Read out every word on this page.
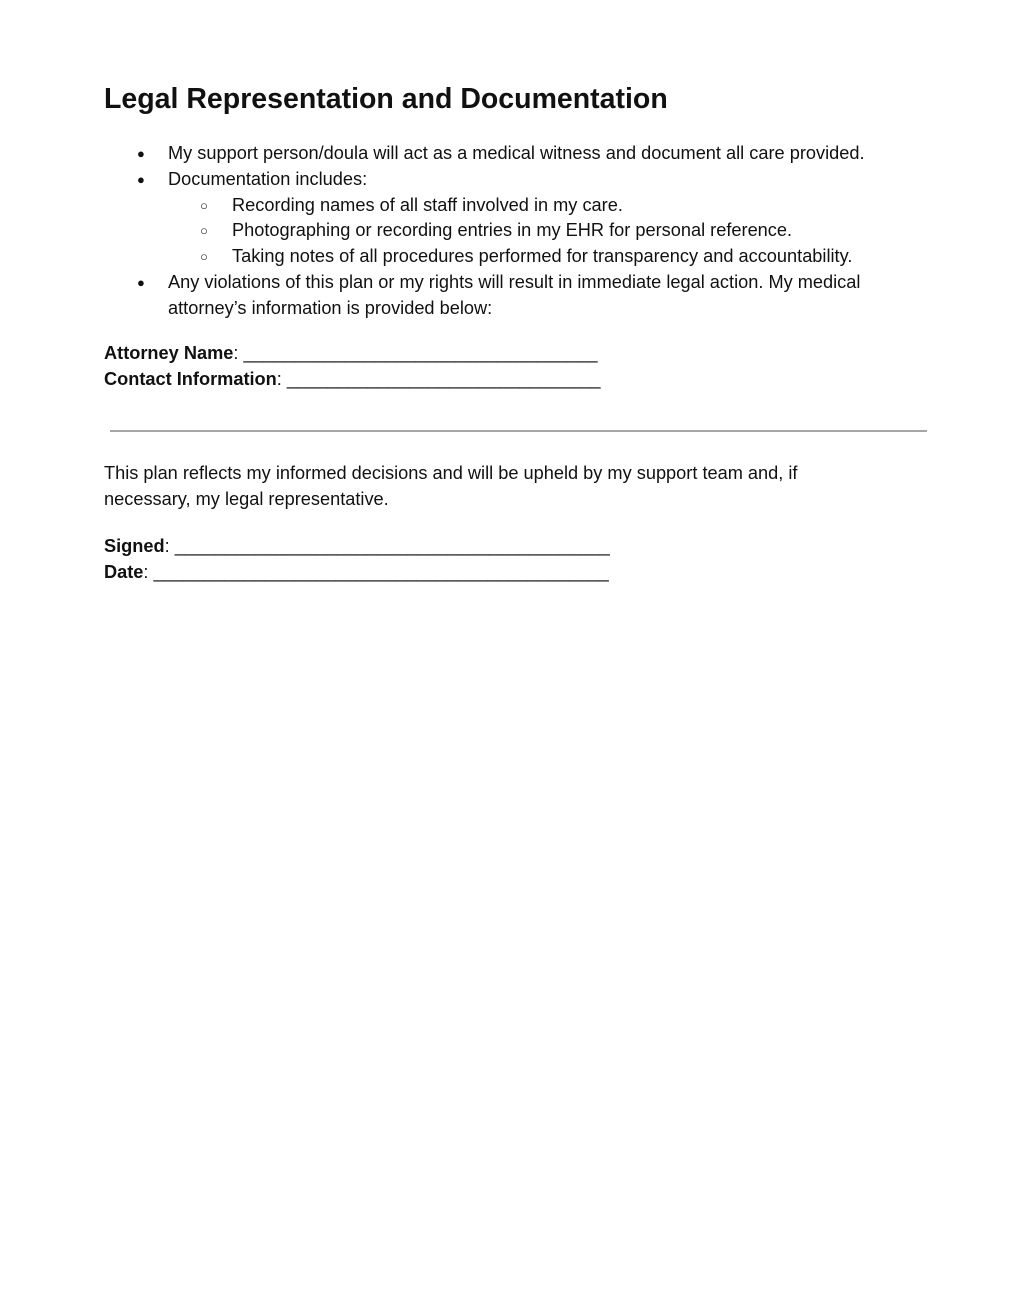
Legal Representation and Documentation
● My support person/doula will act as a medical witness and document all care provided.
● Documentation includes:
○ Recording names of all staff involved in my care.
○ Photographing or recording entries in my EHR for personal reference.
○ Taking notes of all procedures performed for transparency and accountability.
● Any violations of this plan or my rights will result in immediate legal action. My medical
attorney’s information is provided below:
Attorney Name: ___________________________________
Contact Information: _______________________________
This plan reflects my informed decisions and will be upheld by my support team and, if
necessary, my legal representative.
Signed: ___________________________________________
Date: _____________________________________________
